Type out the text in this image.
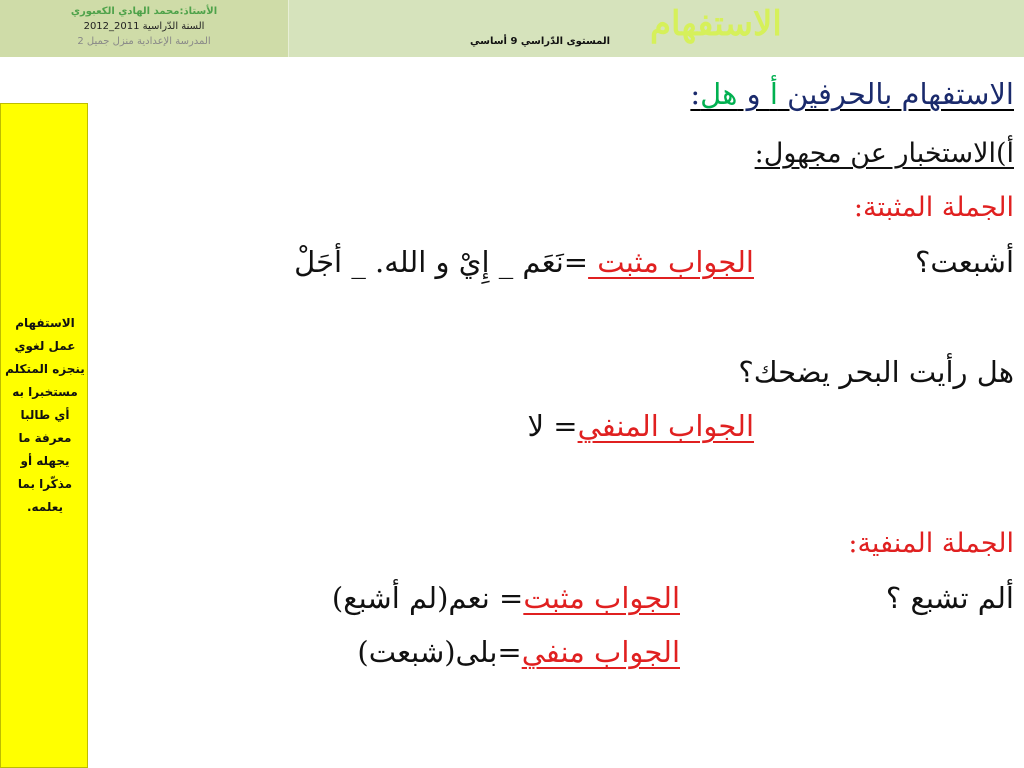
الأستاذ:محمد الهادي الكعبوري
السنة الدّراسية 2011_2012
المدرسة الإعدادية منزل جميل 2	المستوى الدّراسي 9 أساسي الاستفهام
الاستفهام عمل لغوي ينجزه المتكلم مستخبرا به أي طالبا معرفة ما يجهله أو مذكّرا بما يعلمه.
الاستفهام بالحرفين أ و هل:
أ)الاستخبار عن مجهول:
الجملة المثبتة:
أشبعت؟
الجواب مثبت =نَعَم _ إِيْ و الله. _ أجَلْ
هل رأيت البحر يضحك؟
الجواب المنفي= لا
الجملة المنفية:
ألم تشبع ؟
الجواب مثبت= نعم(لم أشبع)
الجواب منفي=بلى(شبعت)
